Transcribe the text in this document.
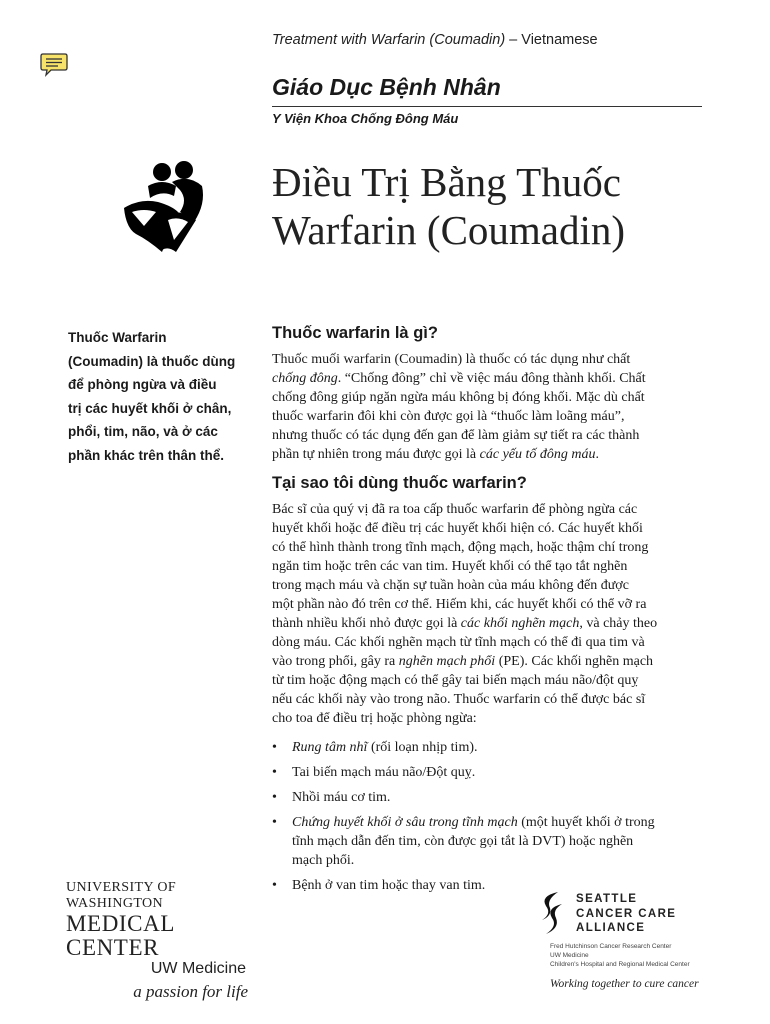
Treatment with Warfarin (Coumadin) – Vietnamese
Giáo Dục Bệnh Nhân
Y Viện Khoa Chống Đông Máu
Điều Trị Bằng Thuốc
Warfarin (Coumadin)
Thuốc Warfarin
(Coumadin) là thuốc dùng
để phòng ngừa và điều
trị các huyết khối ở chân,
phổi, tim, não, và ở các
phần khác trên thân thể.
Thuốc warfarin là gì?
Thuốc muối warfarin (Coumadin) là thuốc có tác dụng như chất
chống đông. “Chống đông” chỉ về việc máu đông thành khối. Chất
chống đông giúp ngăn ngừa máu không bị đóng khối. Mặc dù chất
thuốc warfarin đôi khi còn được gọi là “thuốc làm loãng máu”,
nhưng thuốc có tác dụng đến gan để làm giảm sự tiết ra các thành
phần tự nhiên trong máu được gọi là các yếu tố đông máu.
Tại sao tôi dùng thuốc warfarin?
Bác sĩ của quý vị đã ra toa cấp thuốc warfarin để phòng ngừa các
huyết khối hoặc để điều trị các huyết khối hiện có. Các huyết khối
có thể hình thành trong tĩnh mạch, động mạch, hoặc thậm chí trong
ngăn tim hoặc trên các van tim. Huyết khối có thể tạo tắt nghẽn
trong mạch máu và chặn sự tuần hoàn của máu không đến được
một phần nào đó trên cơ thể. Hiếm khi, các huyết khối có thể vỡ ra
thành nhiều khối nhỏ được gọi là các khối nghẽn mạch, và chảy theo
dòng máu. Các khối nghẽn mạch từ tĩnh mạch có thể đi qua tim và
vào trong phổi, gây ra nghẽn mạch phổi (PE). Các khối nghẽn mạch
từ tim hoặc động mạch có thể gây tai biến mạch máu não/đột quỵ
nếu các khối này vào trong não. Thuốc warfarin có thể được bác sĩ
cho toa để điều trị hoặc phòng ngừa:
• Rung tâm nhĩ (rối loạn nhịp tim).
• Tai biến mạch máu não/Đột quỵ.
• Nhồi máu cơ tim.
• Chứng huyết khối ở sâu trong tĩnh mạch (một huyết khối ở trong
tĩnh mạch dẫn đến tim, còn được gọi tắt là DVT) hoặc nghẽn
mạch phổi.
• Bệnh ở van tim hoặc thay van tim.
UNIVERSITY OF WASHINGTON
MEDICAL CENTER
UW Medicine
a passion for life
SEATTLE
CANCER CARE
ALLIANCE
Fred Hutchinson Cancer Research Center
UW Medicine
Children's Hospital and Regional Medical Center
Working together to cure cancer
